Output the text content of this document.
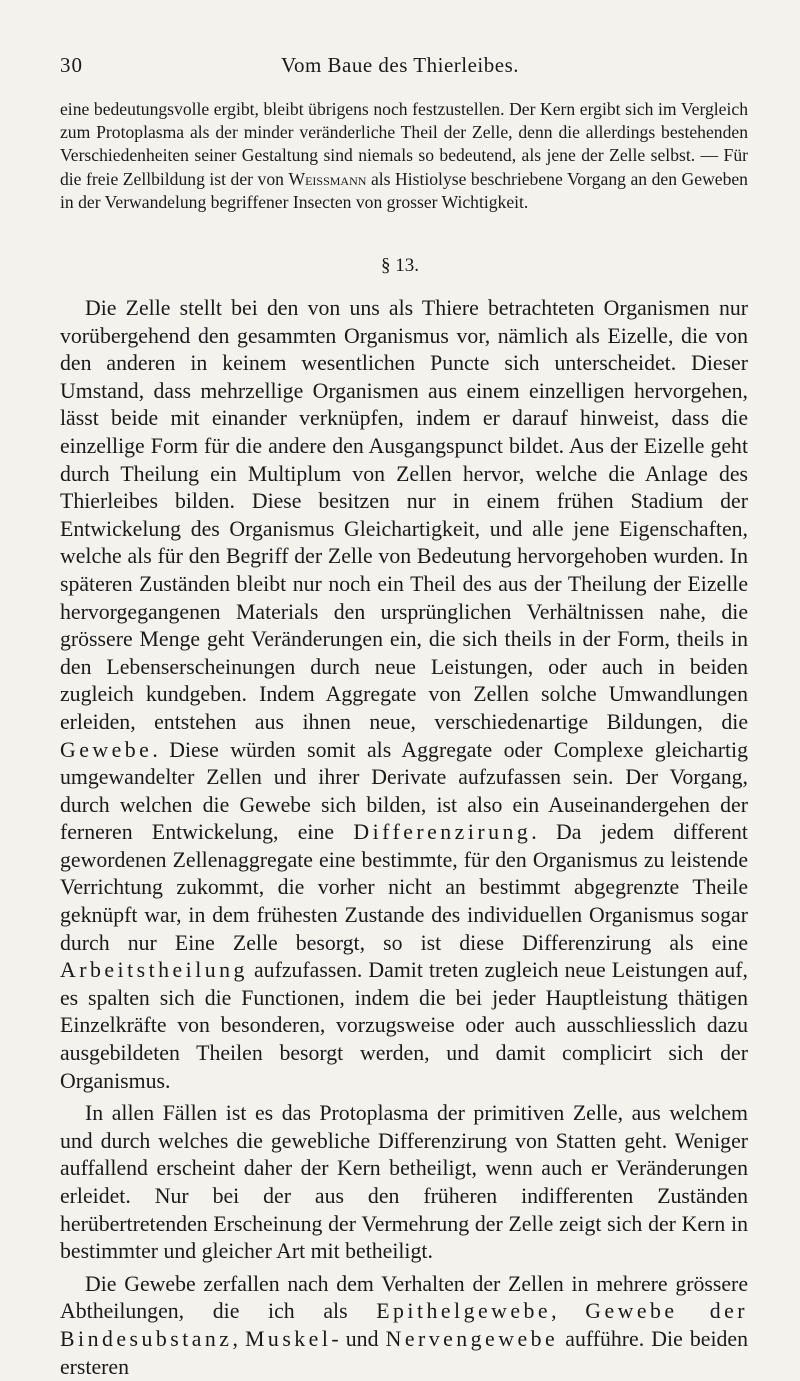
30	Vom Baue des Thierleibes.

eine bedeutungsvolle ergibt, bleibt übrigens noch festzustellen. Der Kern ergibt sich im Vergleich zum Protoplasma als der minder veränderliche Theil der Zelle, denn die allerdings bestehenden Verschiedenheiten seiner Gestaltung sind niemals so bedeutend, als jene der Zelle selbst. — Für die freie Zellbildung ist der von Weissmann als Histiolyse beschriebene Vorgang an den Geweben in der Verwandelung begriffener Insecten von grosser Wichtigkeit.

§ 13.

Die Zelle stellt bei den von uns als Thiere betrachteten Organismen nur vorübergehend den gesammten Organismus vor, nämlich als Eizelle, die von den anderen in keinem wesentlichen Puncte sich unterscheidet. Dieser Umstand, dass mehrzellige Organismen aus einem einzelligen hervorgehen, lässt beide mit einander verknüpfen, indem er darauf hinweist, dass die einzellige Form für die andere den Ausgangspunct bildet. Aus der Eizelle geht durch Theilung ein Multiplum von Zellen hervor, welche die Anlage des Thierleibes bilden. Diese besitzen nur in einem frühen Stadium der Entwickelung des Organismus Gleichartigkeit, und alle jene Eigenschaften, welche als für den Begriff der Zelle von Bedeutung hervorgehoben wurden. In späteren Zuständen bleibt nur noch ein Theil des aus der Theilung der Eizelle hervorgegangenen Materials den ursprünglichen Verhältnissen nahe, die grössere Menge geht Veränderungen ein, die sich theils in der Form, theils in den Lebenserscheinungen durch neue Leistungen, oder auch in beiden zugleich kundgeben. Indem Aggregate von Zellen solche Umwandlungen erleiden, entstehen aus ihnen neue, verschiedenartige Bildungen, die Gewebe. Diese würden somit als Aggregate oder Complexe gleichartig umgewandelter Zellen und ihrer Derivate aufzufassen sein. Der Vorgang, durch welchen die Gewebe sich bilden, ist also ein Auseinandergehen der ferneren Entwickelung, eine Differenzirung. Da jedem different gewordenen Zellenaggregate eine bestimmte, für den Organismus zu leistende Verrichtung zukommt, die vorher nicht an bestimmt abgegrenzte Theile geknüpft war, in dem frühesten Zustande des individuellen Organismus sogar durch nur Eine Zelle besorgt, so ist diese Differenzirung als eine Arbeitstheilung aufzufassen. Damit treten zugleich neue Leistungen auf, es spalten sich die Functionen, indem die bei jeder Hauptleistung thätigen Einzelkräfte von besonderen, vorzugsweise oder auch ausschliesslich dazu ausgebildeten Theilen besorgt werden, und damit complicirt sich der Organismus.

In allen Fällen ist es das Protoplasma der primitiven Zelle, aus welchem und durch welches die gewebliche Differenzirung von Statten geht. Weniger auffallend erscheint daher der Kern betheiligt, wenn auch er Veränderungen erleidet. Nur bei der aus den früheren indifferenten Zuständen herübertretenden Erscheinung der Vermehrung der Zelle zeigt sich der Kern in bestimmter und gleicher Art mit betheiligt.

Die Gewebe zerfallen nach dem Verhalten der Zellen in mehrere grössere Abtheilungen, die ich als Epithelgewebe, Gewebe der Bindesubstanz, Muskel- und Nervengewebe aufführe. Die beiden ersteren
